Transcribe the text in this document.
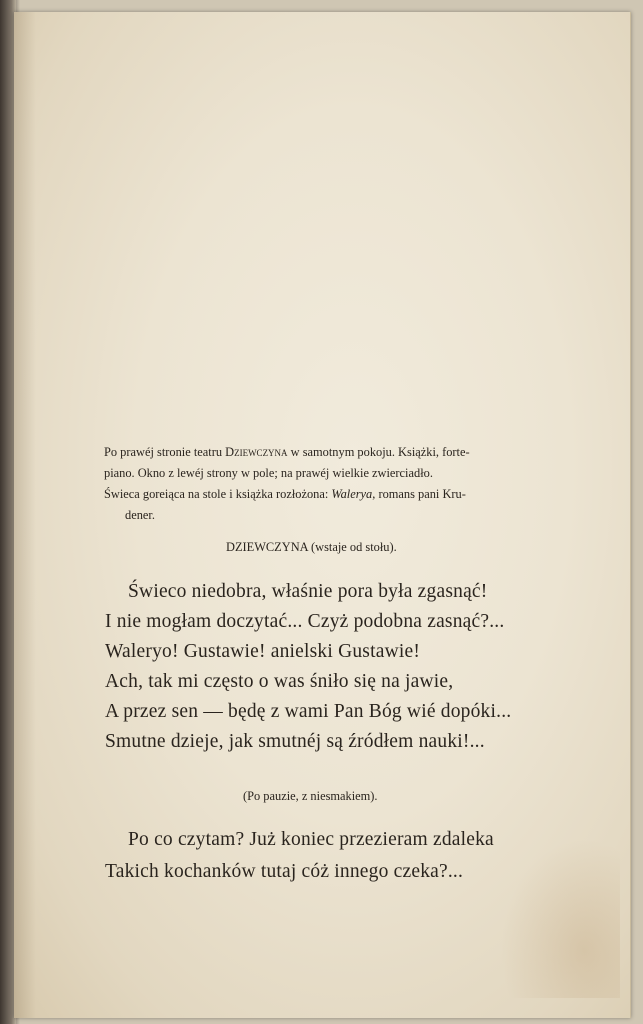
Po prawéj stronie teatru Dziewczyna w samotnym pokoju. Książki, forte-
piano. Okno z lewéj strony w pole; na prawéj wielkie zwierciadło.
Świeca goreiąca na stole i książka rozłożona: Walerya, romans pani Kru-
dener.
DZIEWCZYNA (wstaje od stołu).
Świeco niedobra, właśnie pora była zgasnąć!
I nie mogłam doczytać... Czyż podobna zasnąć?...
Waleryo! Gustawie! anielski Gustawie!
Ach, tak mi często o was śniło się na jawie,
A przez sen — będę z wami Pan Bóg wié dopóki...
Smutne dzieje, jak smutnéj są źródłem nauki!...
(Po pauzie, z niesmakiem).
Po co czytam? Już koniec przezieram zdaleka
Takich kochanków tutaj cóż innego czeka?...
